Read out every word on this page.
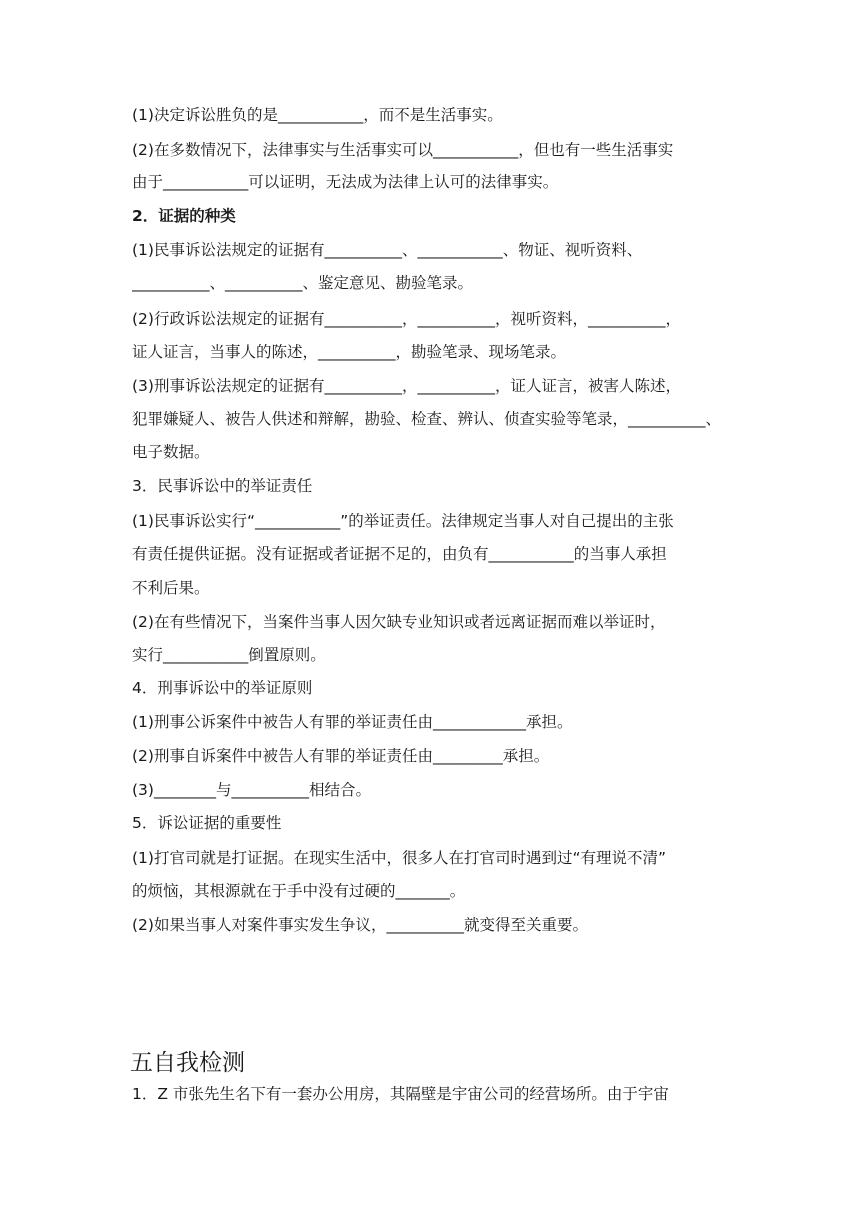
(1)决定诉讼胜负的是___________，而不是生活事实。
(2)在多数情况下，法律事实与生活事实可以___________，但也有一些生活事实
由于___________可以证明，无法成为法律上认可的法律事实。
2．证据的种类
(1)民事诉讼法规定的证据有__________、___________、物证、视听资料、
__________、__________、鉴定意见、勘验笔录。
(2)行政诉讼法规定的证据有__________，__________，视听资料，__________，
证人证言，当事人的陈述，__________，勘验笔录、现场笔录。
(3)刑事诉讼法规定的证据有__________，__________，证人证言，被害人陈述，
犯罪嫌疑人、被告人供述和辩解，勘验、检查、辨认、侦查实验等笔录，__________、
电子数据。
3．民事诉讼中的举证责任
(1)民事诉讼实行“___________”的举证责任。法律规定当事人对自己提出的主张
有责任提供证据。没有证据或者证据不足的，由负有___________的当事人承担
不利后果。
(2)在有些情况下，当案件当事人因欠缺专业知识或者远离证据而难以举证时，
实行___________倒置原则。
4．刑事诉讼中的举证原则
(1)刑事公诉案件中被告人有罪的举证责任由____________承担。
(2)刑事自诉案件中被告人有罪的举证责任由_________承担。
(3)________与__________相结合。
5．诉讼证据的重要性
(1)打官司就是打证据。在现实生活中，很多人在打官司时遇到过“有理说不清”
的烦恼，其根源就在于手中没有过硬的_______。
(2)如果当事人对案件事实发生争议，__________就变得至关重要。
五自我检测
1．Z 市张先生名下有一套办公用房，其隔壁是宇宙公司的经营场所。由于宇宙
